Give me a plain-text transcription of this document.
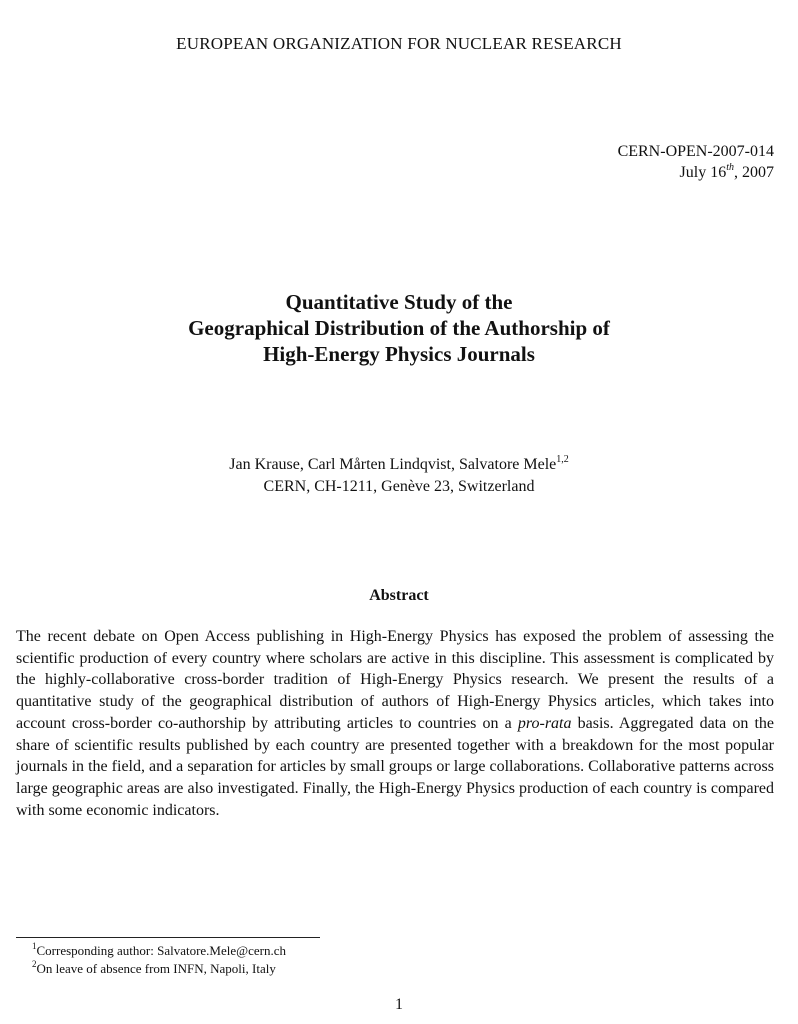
EUROPEAN ORGANIZATION FOR NUCLEAR RESEARCH
CERN-OPEN-2007-014
July 16th, 2007
Quantitative Study of the
Geographical Distribution of the Authorship of
High-Energy Physics Journals
Jan Krause, Carl Mårten Lindqvist, Salvatore Mele$^{1,2}$
CERN, CH-1211, Genève 23, Switzerland
Abstract
The recent debate on Open Access publishing in High-Energy Physics has exposed the problem of assessing the scientific production of every country where scholars are active in this discipline. This assessment is complicated by the highly-collaborative cross-border tradition of High-Energy Physics research. We present the results of a quantitative study of the geographical distribution of authors of High-Energy Physics articles, which takes into account cross-border co-authorship by attributing articles to countries on a pro-rata basis. Aggregated data on the share of scientific results published by each country are presented together with a breakdown for the most popular journals in the field, and a separation for articles by small groups or large collaborations. Collaborative patterns across large geographic areas are also investigated. Finally, the High-Energy Physics production of each country is compared with some economic indicators.
$^1$Corresponding author: Salvatore.Mele@cern.ch
$^2$On leave of absence from INFN, Napoli, Italy
1
